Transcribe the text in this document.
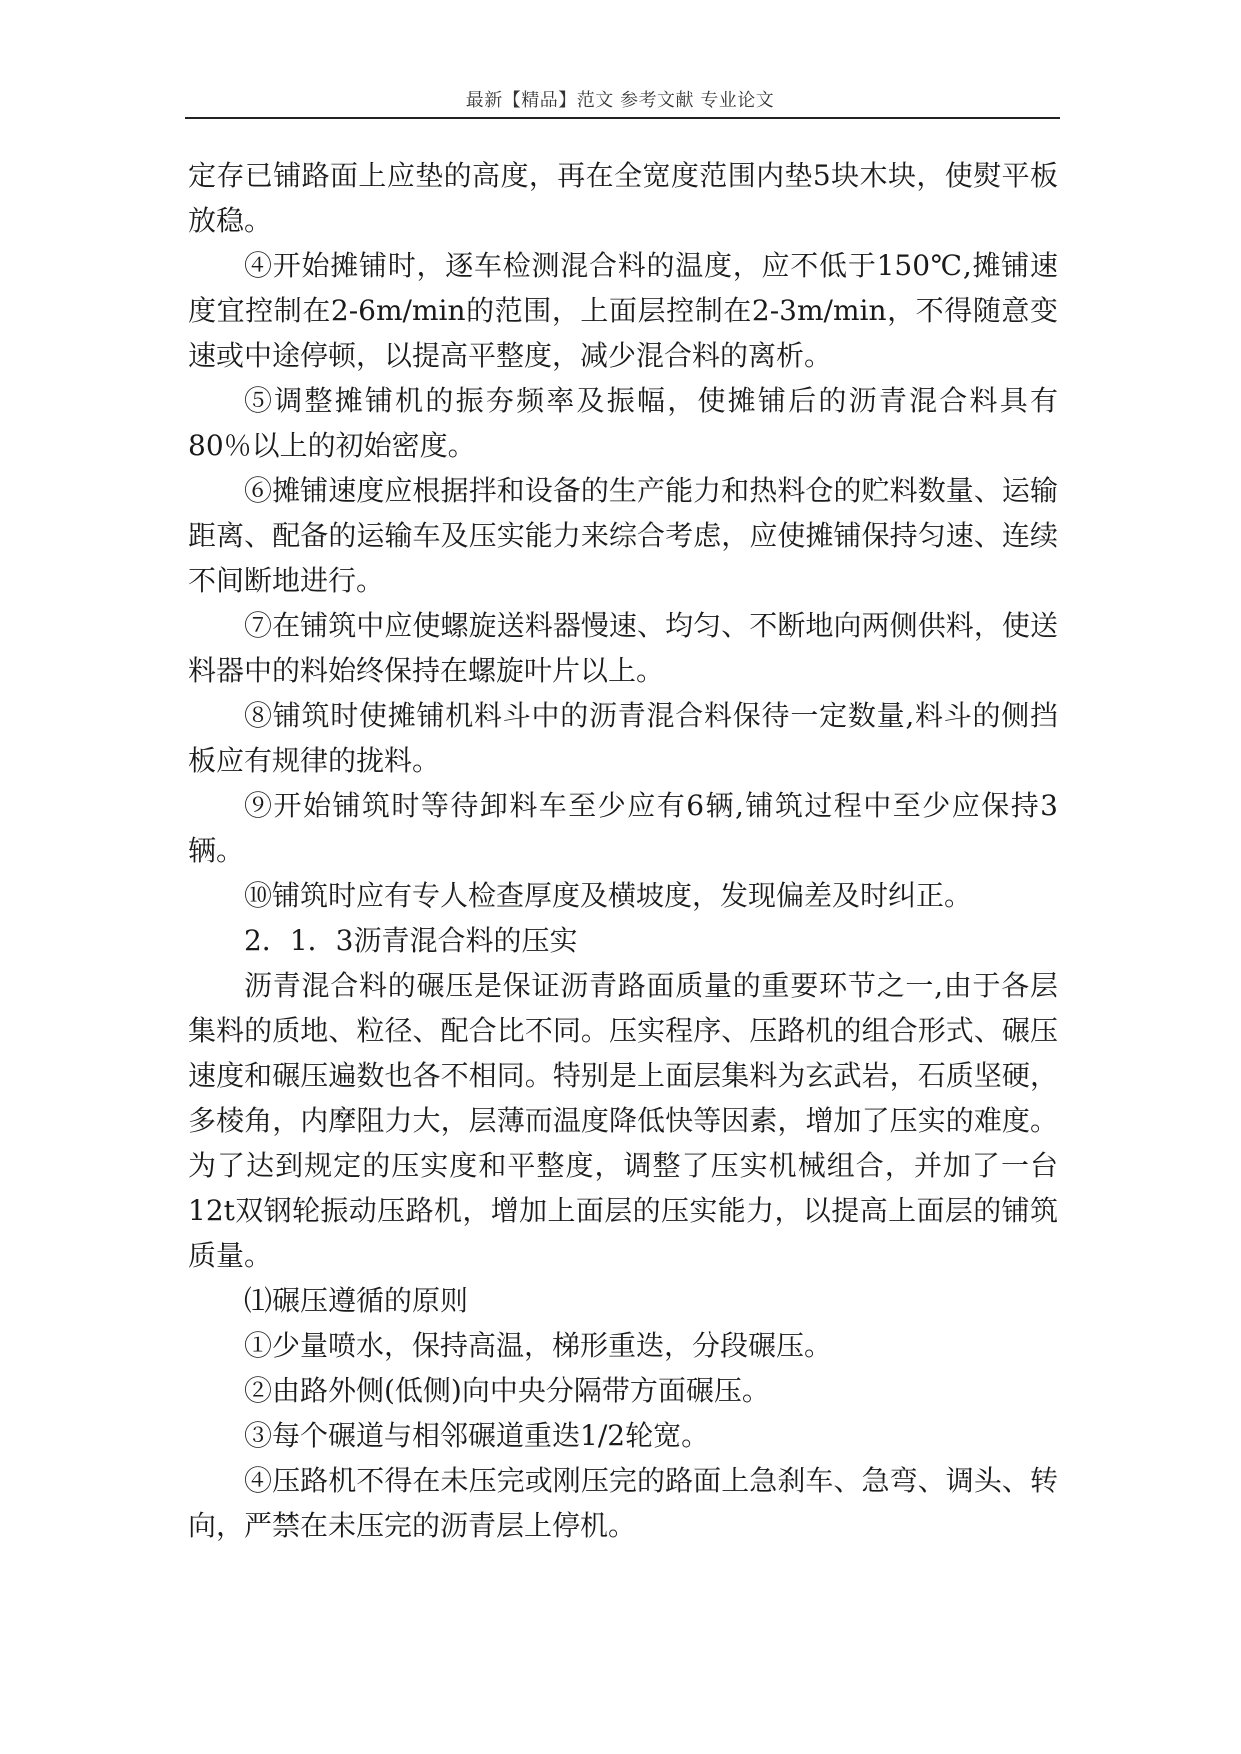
最新【精品】范文 参考文献 专业论文

定存已铺路面上应垫的高度，再在全宽度范围内垫5块木块，使熨平板放稳。

④开始摊铺时，逐车检测混合料的温度，应不低于150℃,摊铺速度宜控制在2-6m/min的范围，上面层控制在2-3m/min，不得随意变速或中途停顿，以提高平整度，减少混合料的离析。

⑤调整摊铺机的振夯频率及振幅，使摊铺后的沥青混合料具有80％以上的初始密度。

⑥摊铺速度应根据拌和设备的生产能力和热料仓的贮料数量、运输距离、配备的运输车及压实能力来综合考虑，应使摊铺保持匀速、连续不间断地进行。

⑦在铺筑中应使螺旋送料器慢速、均匀、不断地向两侧供料，使送料器中的料始终保持在螺旋叶片以上。

⑧铺筑时使摊铺机料斗中的沥青混合料保待一定数量,料斗的侧挡板应有规律的拢料。

⑨开始铺筑时等待卸料车至少应有6辆,铺筑过程中至少应保持3辆。

⑩铺筑时应有专人检查厚度及横坡度，发现偏差及时纠正。

2．1．3沥青混合料的压实

沥青混合料的碾压是保证沥青路面质量的重要环节之一,由于各层集料的质地、粒径、配合比不同。压实程序、压路机的组合形式、碾压速度和碾压遍数也各不相同。特别是上面层集料为玄武岩，石质坚硬，多棱角，内摩阻力大，层薄而温度降低快等因素，增加了压实的难度。为了达到规定的压实度和平整度，调整了压实机械组合，并加了一台12t双钢轮振动压路机，增加上面层的压实能力，以提高上面层的铺筑质量。

⑴碾压遵循的原则

①少量喷水，保持高温，梯形重迭，分段碾压。

②由路外侧(低侧)向中央分隔带方面碾压。

③每个碾道与相邻碾道重迭1/2轮宽。

④压路机不得在未压完或刚压完的路面上急刹车、急弯、调头、转向，严禁在未压完的沥青层上停机。
